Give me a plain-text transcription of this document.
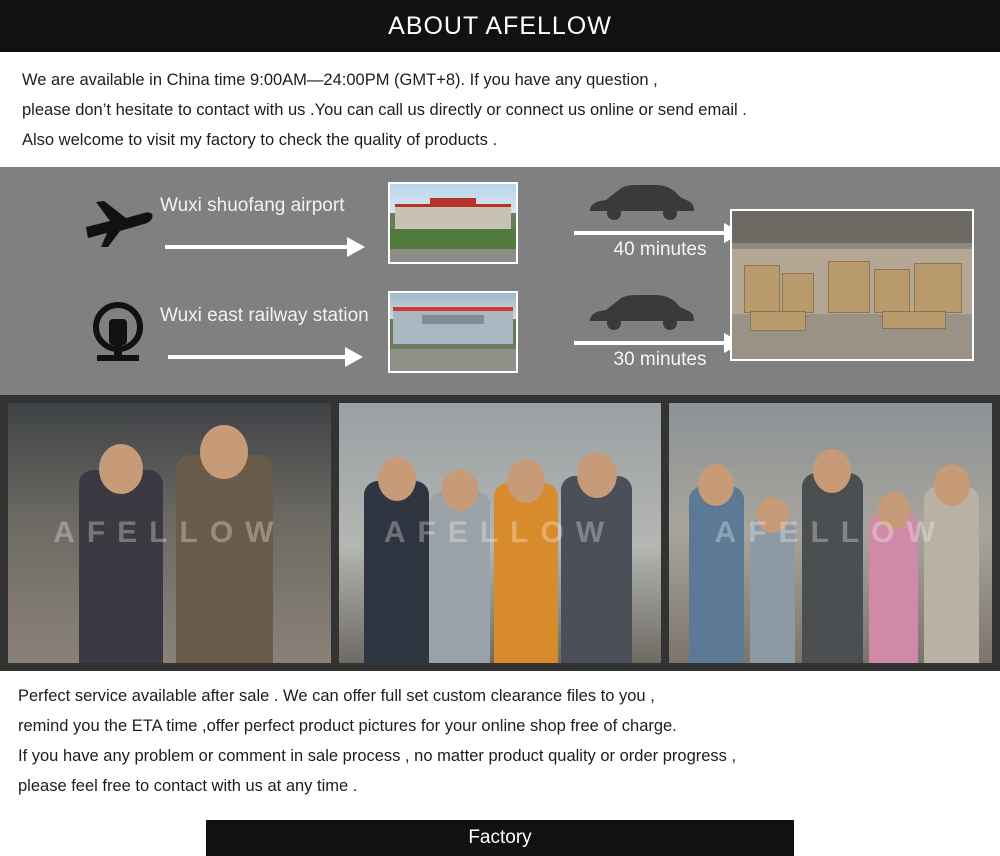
ABOUT AFELLOW

We are available in China time 9:00AM—24:00PM (GMT+8). If you have any question ,

please don’t hesitate to contact with us .You can call us directly or connect us online or send email .

Also welcome to visit my factory to check the quality of products .

Wuxi shuofang airport
40 minutes
Wuxi east railway station
30 minutes
AFELLOW	AFELLOW	AFELLOW

Perfect service available after sale . We can offer full set custom clearance files to you ,

remind you the ETA time ,offer perfect product pictures for your online shop free of charge.

If you have any problem or comment in sale process , no matter product quality or order progress ,

please feel free to contact with us at any time .

Factory
